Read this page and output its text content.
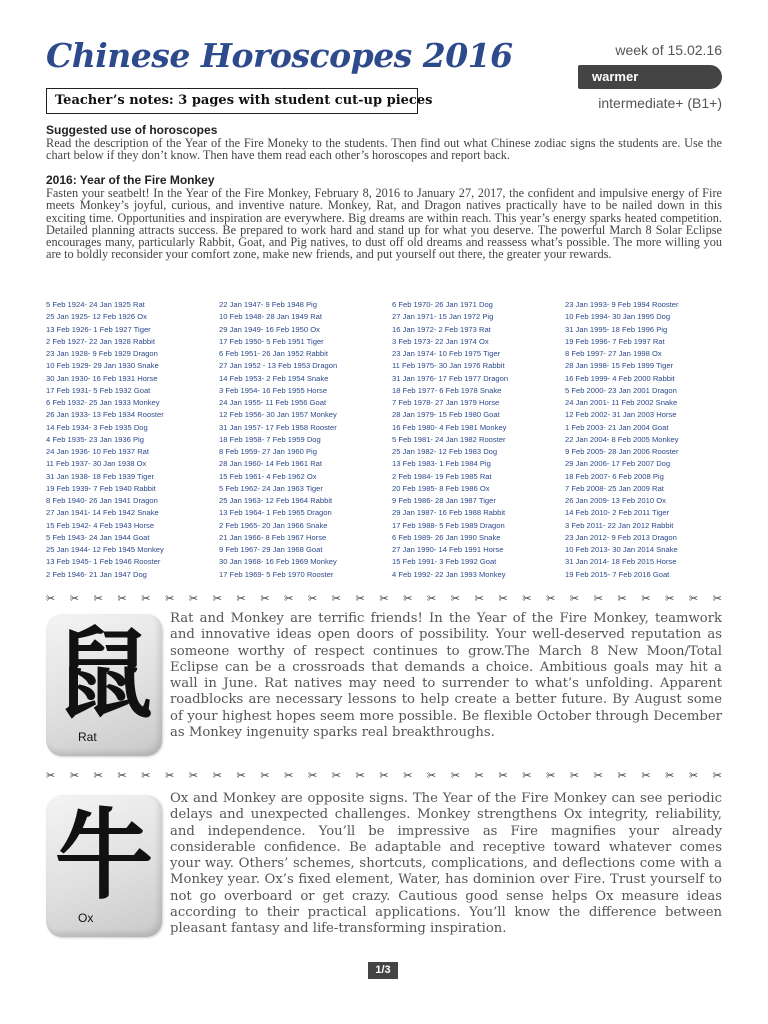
Chinese Horoscopes 2016	week of 15.02.16
warmer
intermediate+ (B1+)
Teacher’s notes: 3 pages with student cut-up pieces
Suggested use of horoscopes

Read the description of the Year of the Fire Moneky to the students. Then find out what Chinese zodiac signs the students are. Use the chart below if they don’t know. Then have them read each other’s horoscopes and report back.

2016: Year of the Fire Monkey

Fasten your seatbelt! In the Year of the Fire Monkey, February 8, 2016 to January 27, 2017, the confident and impulsive energy of Fire meets Monkey’s joyful, curious, and inventive nature. Monkey, Rat, and Dragon natives practically have to be nailed down in this exciting time. Opportunities and inspiration are everywhere. Big dreams are within reach. This year’s energy sparks heated competition. Detailed planning attracts success. Be prepared to work hard and stand up for what you deserve. The powerful March 8 Solar Eclipse encourages many, particularly Rabbit, Goat, and Pig natives, to dust off old dreams and reassess what’s possible. The more willing you are to boldly reconsider your comfort zone, make new friends, and put yourself out there, the greater your rewards.

5 Feb 1924- 24 Jan 1925 Rat
25 Jan 1925- 12 Feb 1926 Ox
13 Feb 1926- 1 Feb 1927 Tiger
2 Feb 1927- 22 Jan 1928 Rabbit
23 Jan 1928- 9 Feb 1929 Dragon
10 Feb 1929- 29 Jan 1930 Snake
30 Jan 1930- 16 Feb 1931 Horse
17 Feb 1931- 5 Feb 1932 Goat
6 Feb 1932- 25 Jan 1933 Monkey
26 Jan 1933- 13 Feb 1934 Rooster
14 Feb 1934- 3 Feb 1935 Dog
4 Feb 1935- 23 Jan 1936 Pig
24 Jan 1936- 10 Feb 1937 Rat
11 Feb 1937- 30 Jan 1938 Ox
31 Jan 1938- 18 Feb 1939 Tiger
19 Feb 1939- 7 Feb 1940 Rabbit
8 Feb 1940- 26 Jan 1941 Dragon
27 Jan 1941- 14 Feb 1942 Snake
15 Feb 1942- 4 Feb 1943 Horse
5 Feb 1943- 24 Jan 1944 Goat
25 Jan 1944- 12 Feb 1945 Monkey
13 Feb 1945- 1 Feb 1946 Rooster
2 Feb 1946- 21 Jan 1947 Dog
22 Jan 1947- 9 Feb 1948 Pig
10 Feb 1948- 28 Jan 1949 Rat
29 Jan 1949- 16 Feb 1950 Ox
17 Feb 1950- 5 Feb 1951 Tiger
6 Feb 1951- 26 Jan 1952 Rabbit
27 Jan 1952 - 13 Feb 1953 Dragon
14 Feb 1953- 2 Feb 1954 Snake
3 Feb 1954- 16 Feb 1955 Horse
24 Jan 1955- 11 Feb 1956 Goat
12 Feb 1956- 30 Jan 1957 Monkey
31 Jan 1957- 17 Feb 1958 Rooster
18 Feb 1958- 7 Feb 1959 Dog
8 Feb 1959- 27 Jan 1960 Pig
28 Jan 1960- 14 Feb 1961 Rat
15 Feb 1961- 4 Feb 1962 Ox
5 Feb 1962- 24 Jan 1963 Tiger
25 Jan 1963- 12 Feb 1964 Rabbit
13 Feb 1964- 1 Feb 1965 Dragon
2 Feb 1965- 20 Jan 1966 Snake
21 Jan 1966- 8 Feb 1967 Horse
9 Feb 1967- 29 Jan 1968 Goat
30 Jan 1968- 16 Feb 1969 Monkey
17 Feb 1969- 5 Feb 1970 Rooster
6 Feb 1970- 26 Jan 1971 Dog
27 Jan 1971- 15 Jan 1972 Pig
16 Jan 1972- 2 Feb 1973 Rat
3 Feb 1973- 22 Jan 1974 Ox
23 Jan 1974- 10 Feb 1975 Tiger
11 Feb 1975- 30 Jan 1976 Rabbit
31 Jan 1976- 17 Feb 1977 Dragon
18 Feb 1977- 6 Feb 1978 Snake
7 Feb 1978- 27 Jan 1979 Horse
28 Jan 1979- 15 Feb 1980 Goat
16 Feb 1980- 4 Feb 1981 Monkey
5 Feb 1981- 24 Jan 1982 Rooster
25 Jan 1982- 12 Feb 1983 Dog
13 Feb 1983- 1 Feb 1984 Pig
2 Feb 1984- 19 Feb 1985 Rat
20 Feb 1985- 8 Feb 1986 Ox
9 Feb 1986- 28 Jan 1987 Tiger
29 Jan 1987- 16 Feb 1988 Rabbit
17 Feb 1988- 5 Feb 1989 Dragon
6 Feb 1989- 26 Jan 1990 Snake
27 Jan 1990- 14 Feb 1991 Horse
15 Feb 1991- 3 Feb 1992 Goat
4 Feb 1992- 22 Jan 1993 Monkey
23 Jan 1993- 9 Feb 1994 Rooster
10 Feb 1994- 30 Jan 1995 Dog
31 Jan 1995- 18 Feb 1996 Pig
19 Feb 1996- 7 Feb 1997 Rat
8 Feb 1997- 27 Jan 1998 Ox
28 Jan 1998- 15 Feb 1999 Tiger
16 Feb 1999- 4 Feb 2000 Rabbit
5 Feb 2000- 23 Jan 2001 Dragon
24 Jan 2001- 11 Feb 2002 Snake
12 Feb 2002- 31 Jan 2003 Horse
1 Feb 2003- 21 Jan 2004 Goat
22 Jan 2004- 8 Feb 2005 Monkey
9 Feb 2005- 28 Jan 2006 Rooster
29 Jan 2006- 17 Feb 2007 Dog
18 Feb 2007- 6 Feb 2008 Pig
7 Feb 2008- 25 Jan 2009 Rat
26 Jan 2009- 13 Feb 2010 Ox
14 Feb 2010- 2 Feb 2011 Tiger
3 Feb 2011- 22 Jan 2012 Rabbit
23 Jan 2012- 9 Feb 2013 Dragon
10 Feb 2013- 30 Jan 2014 Snake
31 Jan 2014- 18 Feb 2015 Horse
19 Feb 2015- 7 Feb 2016 Goat
✂ ✂ ✂ ✂ ✂ ✂ ✂ ✂ ✂ ✂ ✂ ✂ ✂ ✂ ✂ ✂ ✂ ✂ ✂ ✂ ✂ ✂ ✂ ✂ ✂ ✂ ✂ ✂ ✂
鼠
Rat

Rat and Monkey are terrific friends! In the Year of the Fire Monkey, teamwork and innovative ideas open doors of possibility. Your well-deserved reputation as someone worthy of respect continues to grow.The March 8 New Moon/Total Eclipse can be a crossroads that demands a choice. Ambitious goals may hit a wall in June. Rat natives may need to surrender to what’s unfolding. Apparent roadblocks are necessary lessons to help create a better future. By August some of your highest hopes seem more possible. Be flexible October through December as Monkey ingenuity sparks real breakthroughs.

✂ ✂ ✂ ✂ ✂ ✂ ✂ ✂ ✂ ✂ ✂ ✂ ✂ ✂ ✂ ✂ ✂ ✂ ✂ ✂ ✂ ✂ ✂ ✂ ✂ ✂ ✂ ✂ ✂
牛
Ox

Ox and Monkey are opposite signs. The Year of the Fire Monkey can see periodic delays and unexpected challenges. Monkey strengthens Ox integrity, reliability, and independence. You’ll be impressive as Fire magnifies your already considerable confidence. Be adaptable and receptive toward whatever comes your way. Others’ schemes, shortcuts, complications, and deflections come with a Monkey year. Ox’s fixed element, Water, has dominion over Fire. Trust yourself to not go overboard or get crazy. Cautious good sense helps Ox measure ideas according to their practical applications. You’ll know the difference between pleasant fantasy and life-transforming inspiration.

1/3
